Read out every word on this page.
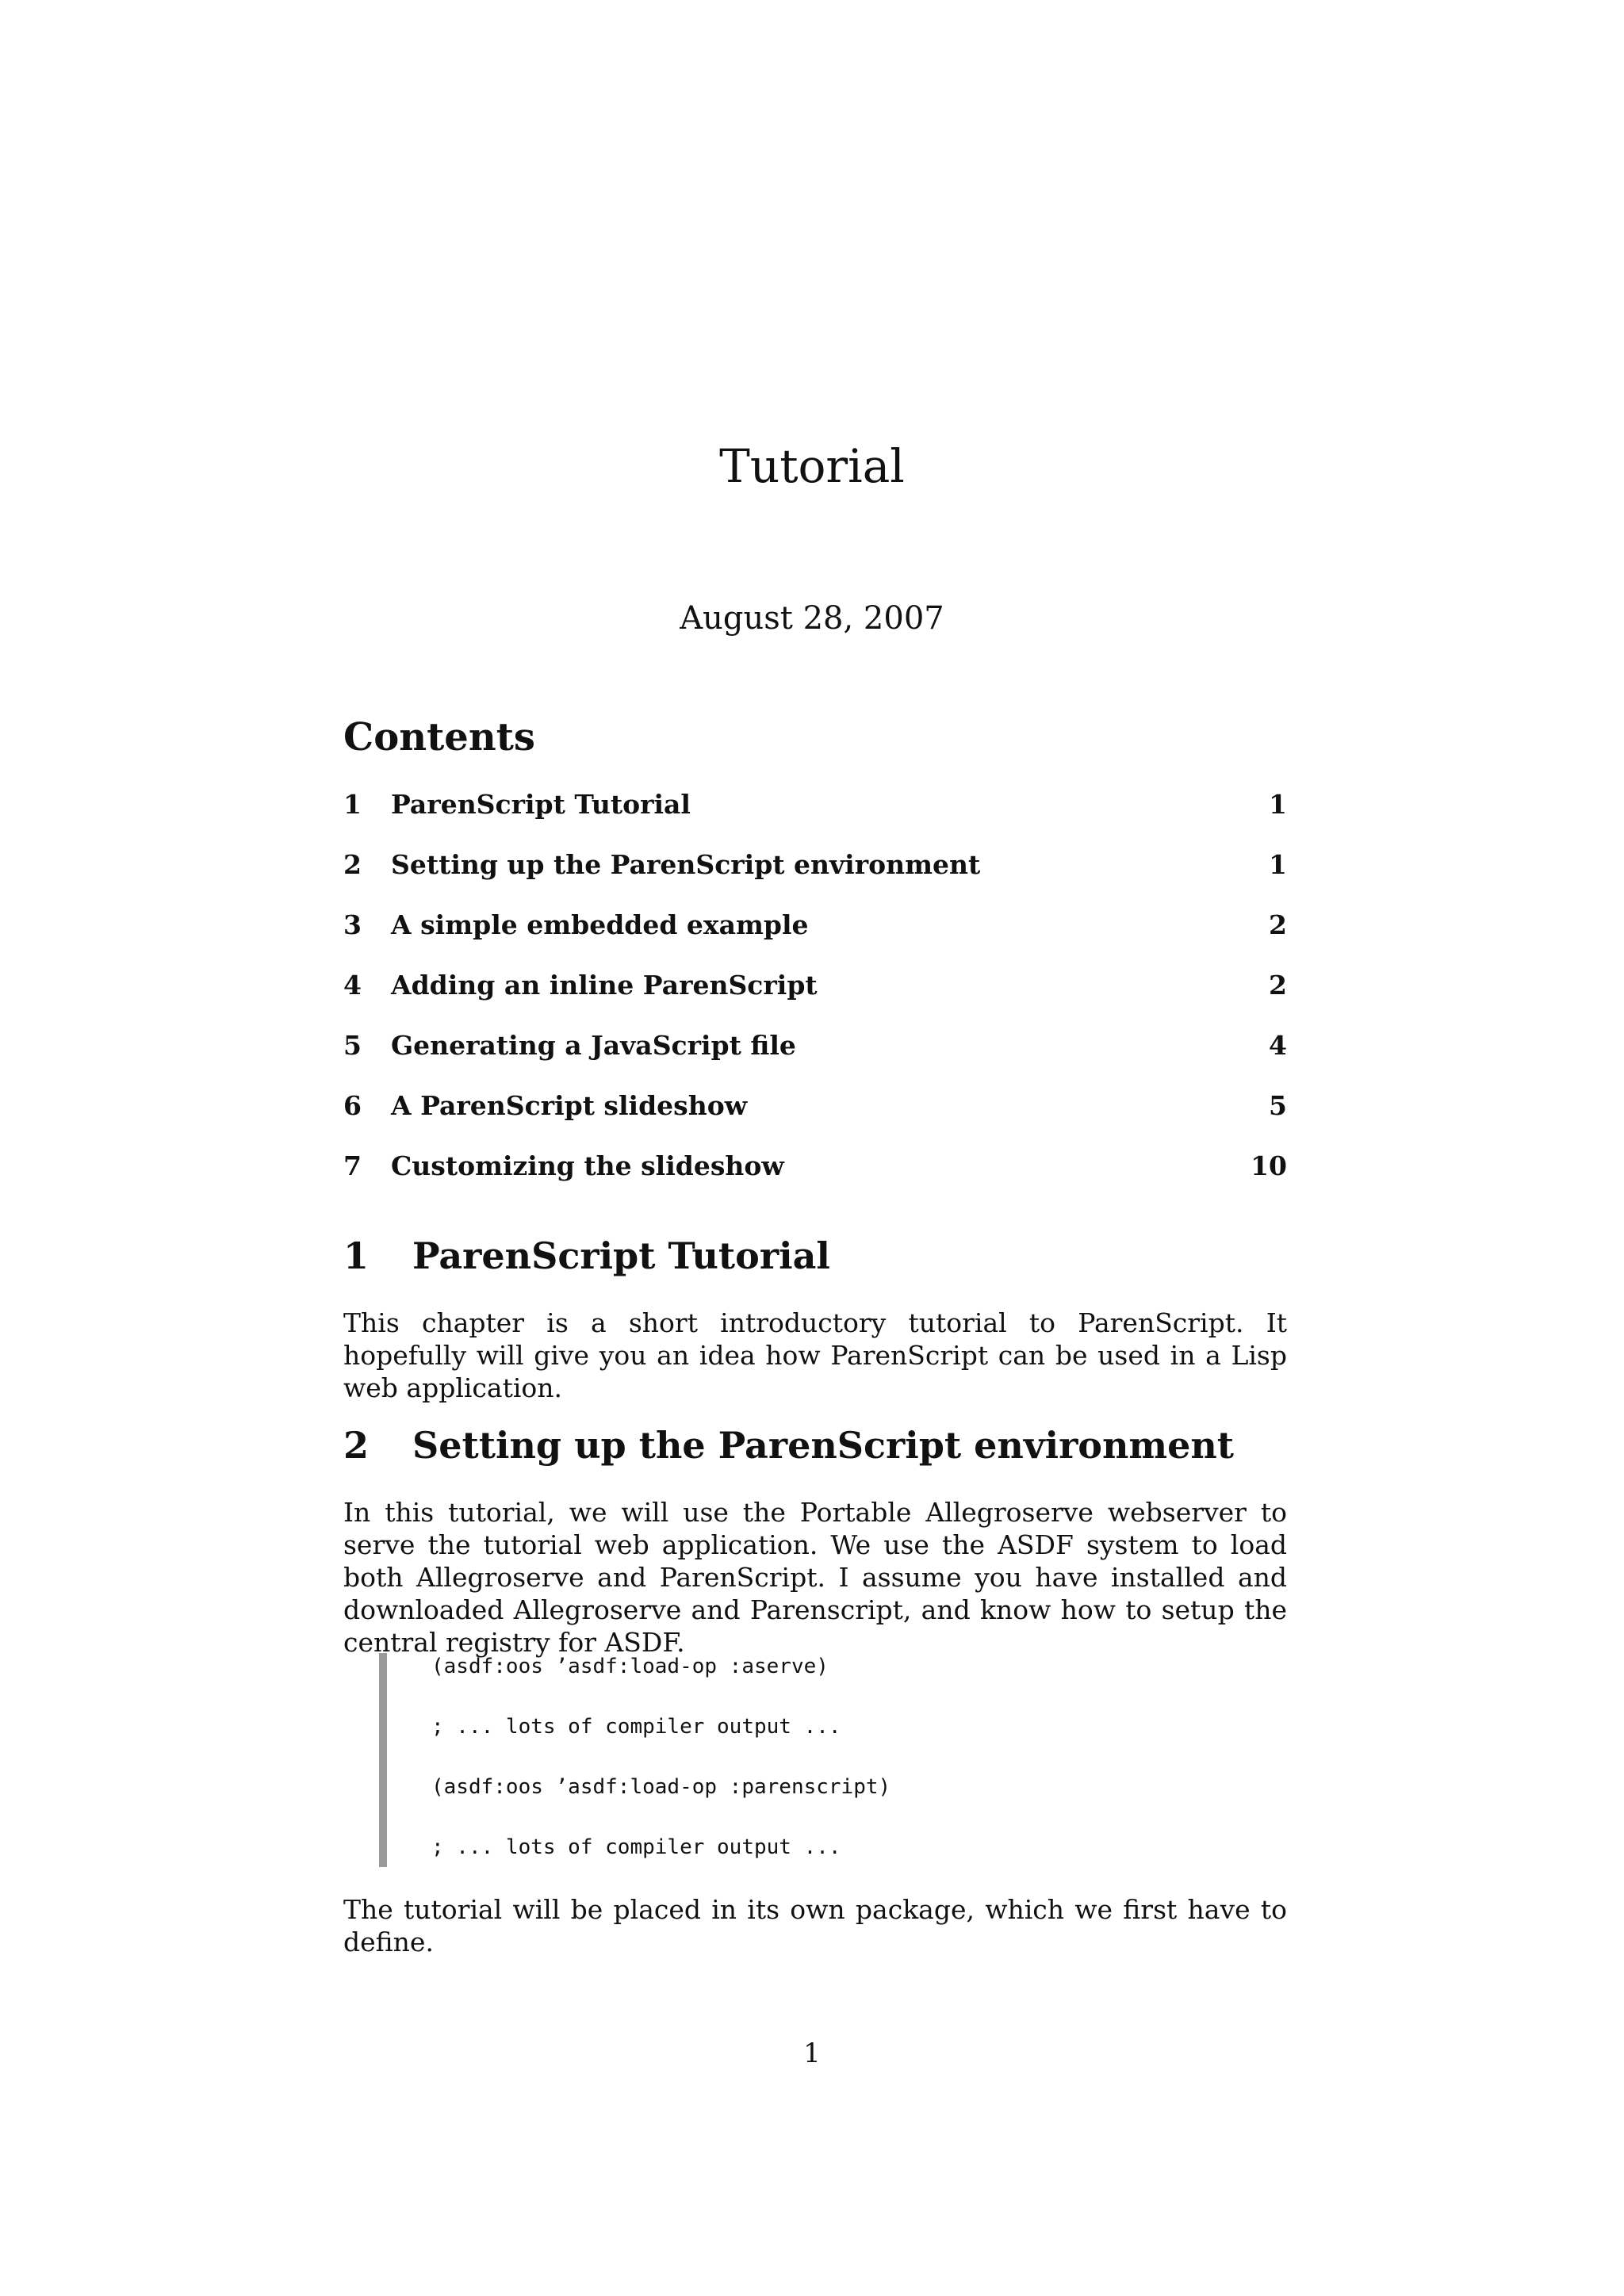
Tutorial
August 28, 2007
Contents
1 ParenScript Tutorial	1
2 Setting up the ParenScript environment	1
3 A simple embedded example	2
4 Adding an inline ParenScript	2
5 Generating a JavaScript file	4
6 A ParenScript slideshow	5
7 Customizing the slideshow	10
1 ParenScript Tutorial
This chapter is a short introductory tutorial to ParenScript. It hopefully will give you an idea how ParenScript can be used in a Lisp web application.
2 Setting up the ParenScript environment
In this tutorial, we will use the Portable Allegroserve webserver to serve the tutorial web application. We use the ASDF system to load both Allegroserve and ParenScript. I assume you have installed and downloaded Allegroserve and Parenscript, and know how to setup the central registry for ASDF.
(asdf:oos ’asdf:load-op :aserve)
; ... lots of compiler output ...
(asdf:oos ’asdf:load-op :parenscript)
; ... lots of compiler output ...
The tutorial will be placed in its own package, which we first have to define.
1
